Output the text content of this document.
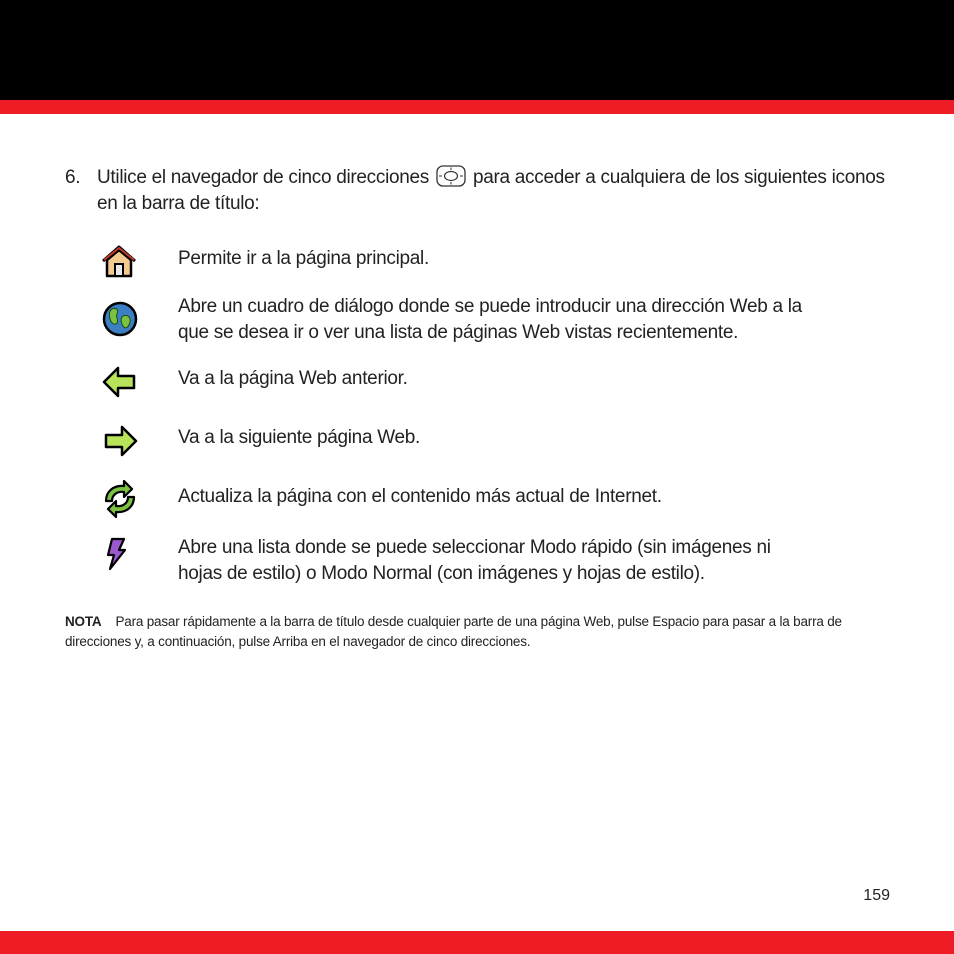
6. Utilice el navegador de cinco direcciones para acceder a cualquiera de los siguientes iconos en la barra de título:
Permite ir a la página principal.
Abre un cuadro de diálogo donde se puede introducir una dirección Web a la que se desea ir o ver una lista de páginas Web vistas recientemente.
Va a la página Web anterior.
Va a la siguiente página Web.
Actualiza la página con el contenido más actual de Internet.
Abre una lista donde se puede seleccionar Modo rápido (sin imágenes ni hojas de estilo) o Modo Normal (con imágenes y hojas de estilo).
NOTA Para pasar rápidamente a la barra de título desde cualquier parte de una página Web, pulse Espacio para pasar a la barra de direcciones y, a continuación, pulse Arriba en el navegador de cinco direcciones.
159
